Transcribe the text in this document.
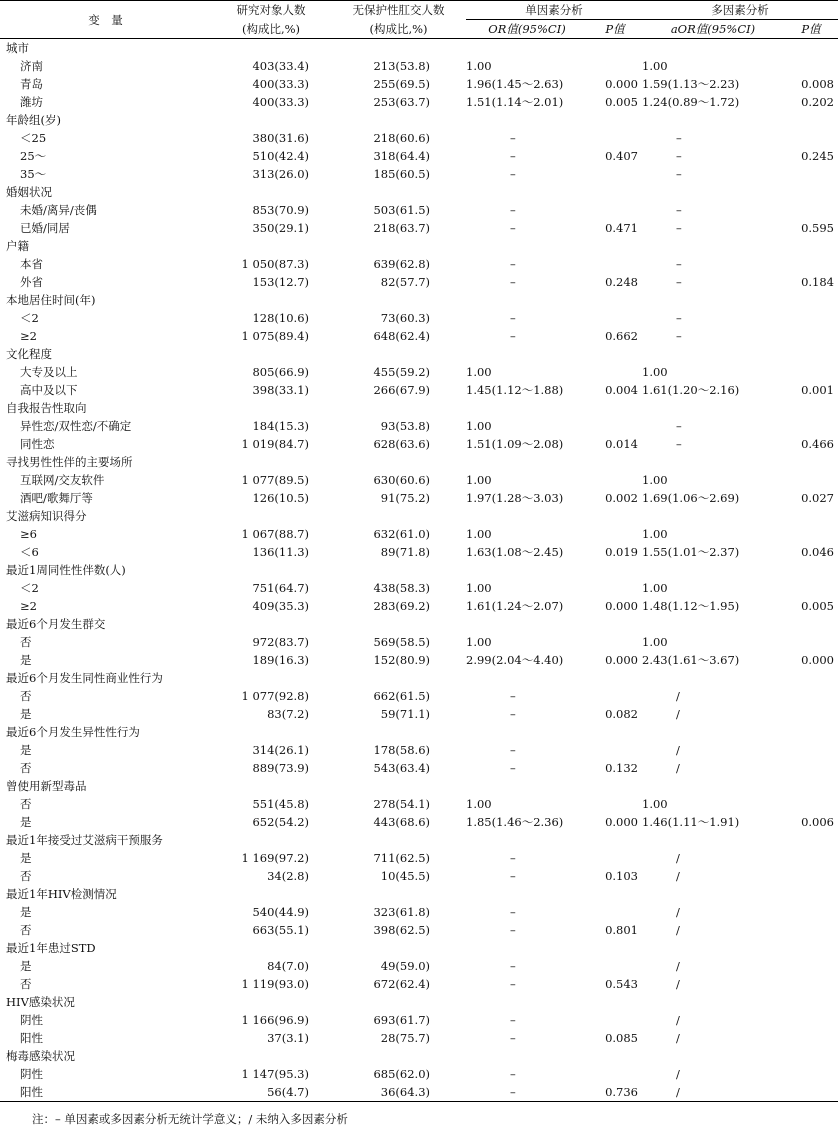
变　量	研究对象人数	无保护性肛交人数	单因素分析		多因素分析	
	(构成比,%)	(构成比,%)	OR值(95%CI)	P值	aOR值(95%CI)	P值
城市						
济南	403(33.4)	213(53.8)	1.00		1.00	
青岛	400(33.3)	255(69.5)	1.96(1.45～2.63)	0.000	1.59(1.13～2.23)	0.008
潍坊	400(33.3)	253(63.7)	1.51(1.14～2.01)	0.005	1.24(0.89～1.72)	0.202
年龄组(岁)						
＜25	380(31.6)	218(60.6)	–		–	
25～	510(42.4)	318(64.4)	–	0.407	–	0.245
35～	313(26.0)	185(60.5)	–		–	
婚姻状况						
未婚/离异/丧偶	853(70.9)	503(61.5)	–		–	
已婚/同居	350(29.1)	218(63.7)	–	0.471	–	0.595
户籍						
本省	1 050(87.3)	639(62.8)	–		–	
外省	153(12.7)	82(57.7)	–	0.248	–	0.184
本地居住时间(年)						
＜2	128(10.6)	73(60.3)	–		–	
≥2	1 075(89.4)	648(62.4)	–	0.662	–	
文化程度						
大专及以上	805(66.9)	455(59.2)	1.00		1.00	
高中及以下	398(33.1)	266(67.9)	1.45(1.12～1.88)	0.004	1.61(1.20～2.16)	0.001
自我报告性取向						
异性恋/双性恋/不确定	184(15.3)	93(53.8)	1.00		–	
同性恋	1 019(84.7)	628(63.6)	1.51(1.09～2.08)	0.014	–	0.466
寻找男性性伴的主要场所						
互联网/交友软件	1 077(89.5)	630(60.6)	1.00		1.00	
酒吧/歌舞厅等	126(10.5)	91(75.2)	1.97(1.28～3.03)	0.002	1.69(1.06～2.69)	0.027
艾滋病知识得分						
≥6	1 067(88.7)	632(61.0)	1.00		1.00	
＜6	136(11.3)	89(71.8)	1.63(1.08～2.45)	0.019	1.55(1.01～2.37)	0.046
最近1周同性性伴数(人)						
＜2	751(64.7)	438(58.3)	1.00		1.00	
≥2	409(35.3)	283(69.2)	1.61(1.24～2.07)	0.000	1.48(1.12～1.95)	0.005
最近6个月发生群交						
否	972(83.7)	569(58.5)	1.00		1.00	
是	189(16.3)	152(80.9)	2.99(2.04～4.40)	0.000	2.43(1.61～3.67)	0.000
最近6个月发生同性商业性行为						
否	1 077(92.8)	662(61.5)	–		/	
是	83(7.2)	59(71.1)	–	0.082	/	
最近6个月发生异性性行为						
是	314(26.1)	178(58.6)	–		/	
否	889(73.9)	543(63.4)	–	0.132	/	
曾使用新型毒品						
否	551(45.8)	278(54.1)	1.00		1.00	
是	652(54.2)	443(68.6)	1.85(1.46～2.36)	0.000	1.46(1.11～1.91)	0.006
最近1年接受过艾滋病干预服务						
是	1 169(97.2)	711(62.5)	–		/	
否	34(2.8)	10(45.5)	–	0.103	/	
最近1年HIV检测情况						
是	540(44.9)	323(61.8)	–		/	
否	663(55.1)	398(62.5)	–	0.801	/	
最近1年患过STD						
是	84(7.0)	49(59.0)	–		/	
否	1 119(93.0)	672(62.4)	–	0.543	/	
HIV感染状况						
阴性	1 166(96.9)	693(61.7)	–		/	
阳性	37(3.1)	28(75.7)	–	0.085	/	
梅毒感染状况						
阴性	1 147(95.3)	685(62.0)	–		/	
阳性	56(4.7)	36(64.3)	–	0.736	/	
注：– 单因素或多因素分析无统计学意义；/ 未纳入多因素分析
